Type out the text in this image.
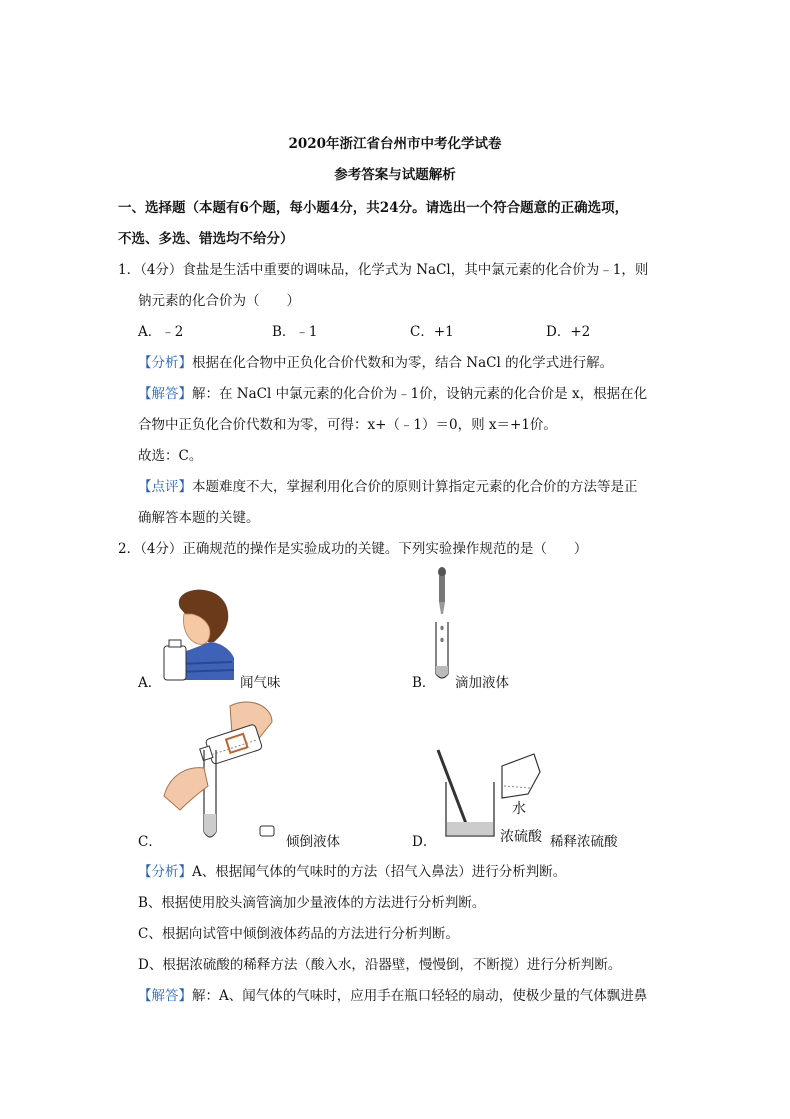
2020年浙江省台州市中考化学试卷
参考答案与试题解析
一、选择题（本题有6个题，每小题4分，共24分。请选出一个符合题意的正确选项，
不选、多选、错选均不给分）
1．（4分）食盐是生活中重要的调味品，化学式为 NaCl，其中氯元素的化合价为﹣1，则
钠元素的化合价为（　　）
A．﹣2	B．﹣1	C．+1	D．+2
【分析】根据在化合物中正负化合价代数和为零，结合 NaCl 的化学式进行解。
【解答】解：在 NaCl 中氯元素的化合价为﹣1价，设钠元素的化合价是 x，根据在化
合物中正负化合价代数和为零，可得：x+（﹣1）＝0，则 x＝+1价。
故选：C。
【点评】本题难度不大，掌握利用化合价的原则计算指定元素的化合价的方法等是正
确解答本题的关键。
2．（4分）正确规范的操作是实验成功的关键。下列实验操作规范的是（　　）
A．	闻气味	B． 滴加液体
C．	倾倒液体
水
浓硫酸
D．	稀释浓硫酸
【分析】A、根据闻气体的气味时的方法（招气入鼻法）进行分析判断。
B、根据使用胶头滴管滴加少量液体的方法进行分析判断。
C、根据向试管中倾倒液体药品的方法进行分析判断。
D、根据浓硫酸的稀释方法（酸入水，沿器壁，慢慢倒，不断搅）进行分析判断。
【解答】解：A、闻气体的气味时，应用手在瓶口轻轻的扇动，使极少量的气体飘进鼻
